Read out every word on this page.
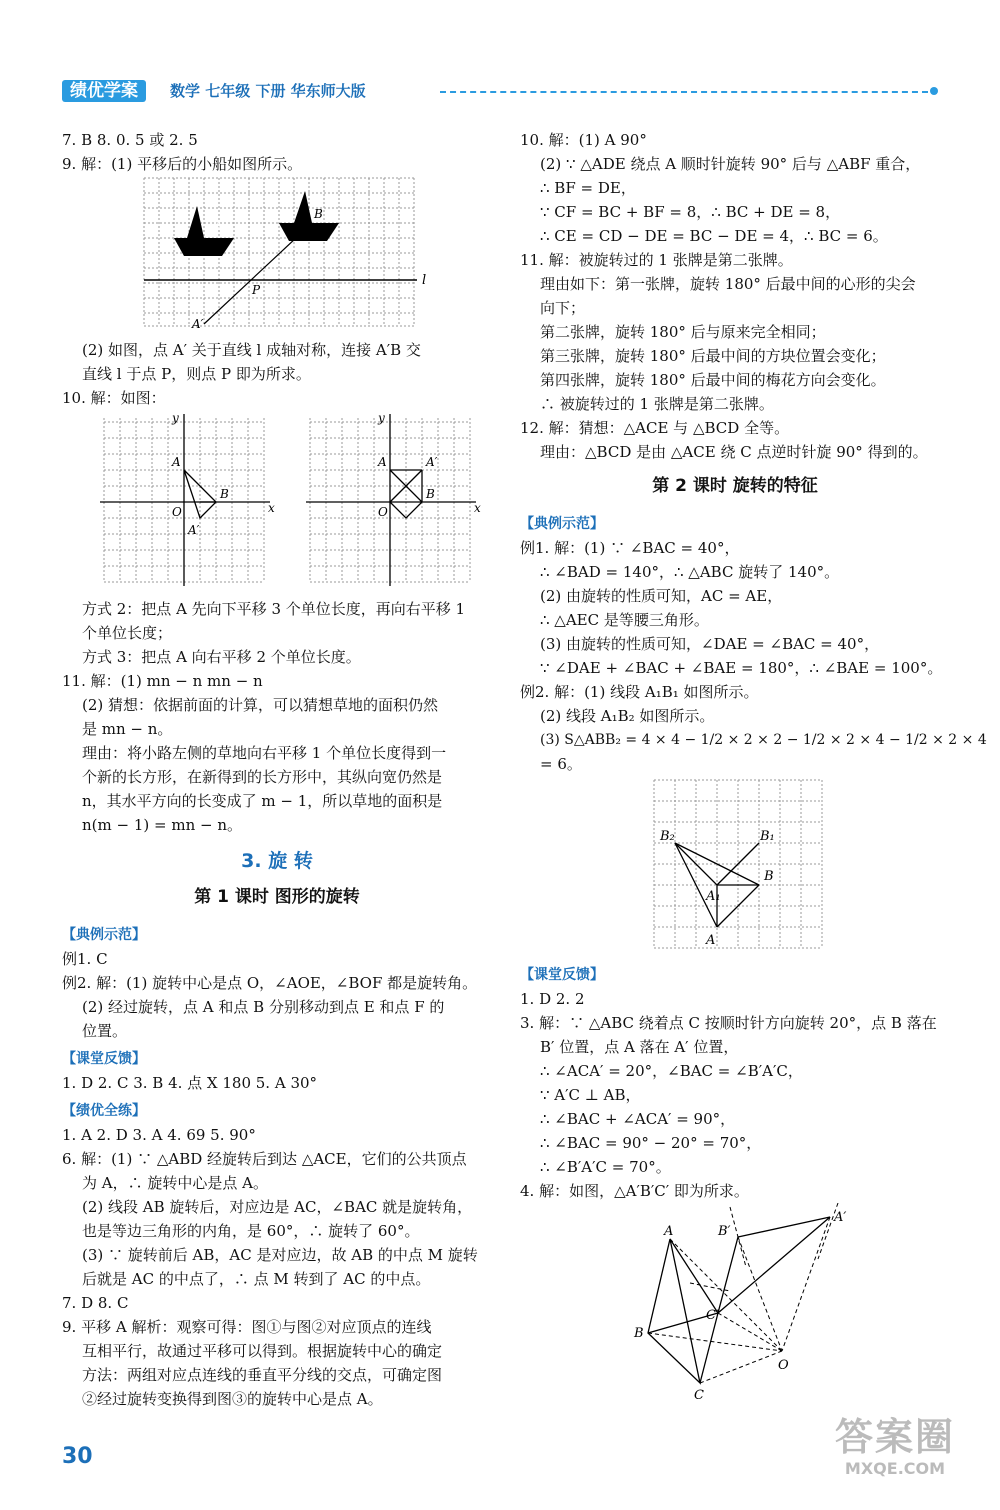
绩优学案	数学 七年级 下册 华东师大版
7. B 8. 0. 5 或 2. 5
9. 解：(1) 平移后的小船如图所示。
A
B
P
l
A′
(2) 如图，点 A′ 关于直线 l 成轴对称，连接 A′B 交
直线 l 于点 P，则点 P 即为所求。
10. 解：如图：
y
x
A
B
O
A′
y
x
A
B
O
A′
方式 2：把点 A 先向下平移 3 个单位长度，再向右平移 1
个单位长度；
方式 3：把点 A 向右平移 2 个单位长度。
11. 解：(1) mn − n mn − n
(2) 猜想：依据前面的计算，可以猜想草地的面积仍然
是 mn − n。
理由：将小路左侧的草地向右平移 1 个单位长度得到一
个新的长方形，在新得到的长方形中，其纵向宽仍然是
n，其水平方向的长变成了 m − 1，所以草地的面积是
n(m − 1) = mn − n。
3. 旋 转
第 1 课时 图形的旋转
【典例示范】
例1. C
例2. 解：(1) 旋转中心是点 O，∠AOE，∠BOF 都是旋转角。
(2) 经过旋转，点 A 和点 B 分别移动到点 E 和点 F 的
位置。
【课堂反馈】
1. D 2. C 3. B 4. 点 X 180 5. A 30°
【绩优全练】
1. A 2. D 3. A 4. 69 5. 90°
6. 解：(1) ∵ △ABD 经旋转后到达 △ACE，它们的公共顶点
为 A，∴ 旋转中心是点 A。
(2) 线段 AB 旋转后，对应边是 AC，∠BAC 就是旋转角，
也是等边三角形的内角，是 60°，∴ 旋转了 60°。
(3) ∵ 旋转前后 AB，AC 是对应边，故 AB 的中点 M 旋转
后就是 AC 的中点了，∴ 点 M 转到了 AC 的中点。
7. D 8. C
9. 平移 A 解析：观察可得：图①与图②对应顶点的连线
互相平行，故通过平移可以得到。根据旋转中心的确定
方法：两组对应点连线的垂直平分线的交点，可确定图
②经过旋转变换得到图③的旋转中心是点 A。
10. 解：(1) A 90°
(2) ∵ △ADE 绕点 A 顺时针旋转 90° 后与 △ABF 重合，
∴ BF = DE，
∵ CF = BC + BF = 8，∴ BC + DE = 8，
∴ CE = CD − DE = BC − DE = 4，∴ BC = 6。
11. 解：被旋转过的 1 张牌是第二张牌。
理由如下：第一张牌，旋转 180° 后最中间的心形的尖会
向下；
第二张牌，旋转 180° 后与原来完全相同；
第三张牌，旋转 180° 后最中间的方块位置会变化；
第四张牌，旋转 180° 后最中间的梅花方向会变化。
∴ 被旋转过的 1 张牌是第二张牌。
12. 解：猜想：△ACE 与 △BCD 全等。
理由：△BCD 是由 △ACE 绕 C 点逆时针旋 90° 得到的。
第 2 课时 旋转的特征
【典例示范】
例1. 解：(1) ∵ ∠BAC = 40°，
∴ ∠BAD = 140°，∴ △ABC 旋转了 140°。
(2) 由旋转的性质可知，AC = AE，
∴ △AEC 是等腰三角形。
(3) 由旋转的性质可知，∠DAE = ∠BAC = 40°，
∵ ∠DAE + ∠BAC + ∠BAE = 180°，∴ ∠BAE = 100°。
例2. 解：(1) 线段 A₁B₁ 如图所示。
(2) 线段 A₁B₂ 如图所示。
(3) S△ABB₂ = 4 × 4 − 1/2 × 2 × 2 − 1/2 × 2 × 4 − 1/2 × 2 × 4
= 6。
B₂	B₁
B
A₁
A
【课堂反馈】
1. D 2. 2
3. 解：∵ △ABC 绕着点 C 按顺时针方向旋转 20°，点 B 落在
B′ 位置，点 A 落在 A′ 位置，
∴ ∠ACA′ = 20°，∠BAC = ∠B′A′C，
∵ A′C ⊥ AB，
∴ ∠BAC + ∠ACA′ = 90°，
∴ ∠BAC = 90° − 20° = 70°，
∴ ∠B′A′C = 70°。
4. 解：如图，△A′B′C′ 即为所求。
A	B′
A′
C′
B
C
O
30	答案圈
MXQE.COM
